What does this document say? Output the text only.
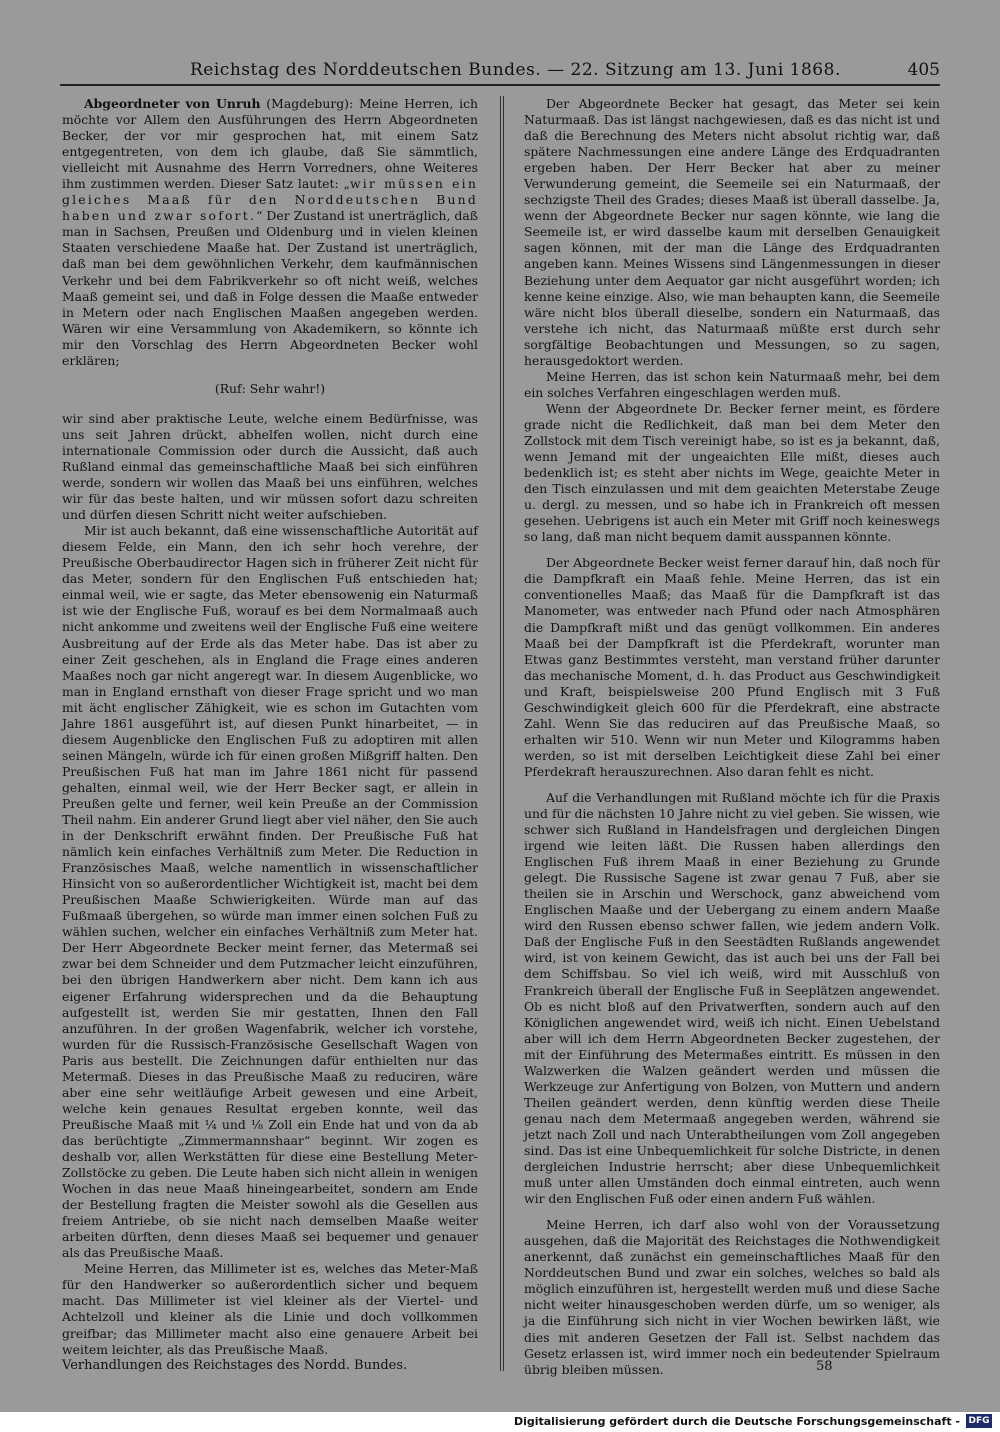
Reichstag des Norddeutschen Bundes. — 22. Sitzung am 13. Juni 1868.	405

Abgeordneter von Unruh (Magdeburg): Meine Herren, ich möchte vor Allem den Ausführungen des Herrn Abgeordneten Becker, der vor mir gesprochen hat, mit einem Satz entgegentreten, von dem ich glaube, daß Sie sämmtlich, vielleicht mit Ausnahme des Herrn Vorredners, ohne Weiteres ihm zustimmen werden. Dieser Satz lautet: „wir müssen ein gleiches Maaß für den Norddeutschen Bund haben und zwar sofort.“ Der Zustand ist unerträglich, daß man in Sachsen, Preußen und Oldenburg und in vielen kleinen Staaten verschiedene Maaße hat. Der Zustand ist unerträglich, daß man bei dem gewöhnlichen Verkehr, dem kaufmännischen Verkehr und bei dem Fabrikverkehr so oft nicht weiß, welches Maaß gemeint sei, und daß in Folge dessen die Maaße entweder in Metern oder nach Englischen Maaßen angegeben werden. Wären wir eine Versammlung von Akademikern, so könnte ich mir den Vorschlag des Herrn Abgeordneten Becker wohl erklären;

(Ruf: Sehr wahr!)

wir sind aber praktische Leute, welche einem Bedürfnisse, was uns seit Jahren drückt, abhelfen wollen, nicht durch eine internationale Commission oder durch die Aussicht, daß auch Rußland einmal das gemeinschaftliche Maaß bei sich einführen werde, sondern wir wollen das Maaß bei uns einführen, welches wir für das beste halten, und wir müssen sofort dazu schreiten und dürfen diesen Schritt nicht weiter aufschieben.

Mir ist auch bekannt, daß eine wissenschaftliche Autorität auf diesem Felde, ein Mann, den ich sehr hoch verehre, der Preußische Oberbaudirector Hagen sich in früherer Zeit nicht für das Meter, sondern für den Englischen Fuß entschieden hat; einmal weil, wie er sagte, das Meter ebensowenig ein Naturmaß ist wie der Englische Fuß, worauf es bei dem Normalmaaß auch nicht ankomme und zweitens weil der Englische Fuß eine weitere Ausbreitung auf der Erde als das Meter habe. Das ist aber zu einer Zeit geschehen, als in England die Frage eines anderen Maaßes noch gar nicht angeregt war. In diesem Augenblicke, wo man in England ernsthaft von dieser Frage spricht und wo man mit ächt englischer Zähigkeit, wie es schon im Gutachten vom Jahre 1861 ausgeführt ist, auf diesen Punkt hinarbeitet, — in diesem Augenblicke den Englischen Fuß zu adoptiren mit allen seinen Mängeln, würde ich für einen großen Mißgriff halten. Den Preußischen Fuß hat man im Jahre 1861 nicht für passend gehalten, einmal weil, wie der Herr Becker sagt, er allein in Preußen gelte und ferner, weil kein Preuße an der Commission Theil nahm. Ein anderer Grund liegt aber viel näher, den Sie auch in der Denkschrift erwähnt finden. Der Preußische Fuß hat nämlich kein einfaches Verhältniß zum Meter. Die Reduction in Französisches Maaß, welche namentlich in wissenschaftlicher Hinsicht von so außerordentlicher Wichtigkeit ist, macht bei dem Preußischen Maaße Schwierigkeiten. Würde man auf das Fußmaaß übergehen, so würde man immer einen solchen Fuß zu wählen suchen, welcher ein einfaches Verhältniß zum Meter hat. Der Herr Abgeordnete Becker meint ferner, das Metermaß sei zwar bei dem Schneider und dem Putzmacher leicht einzuführen, bei den übrigen Handwerkern aber nicht. Dem kann ich aus eigener Erfahrung widersprechen und da die Behauptung aufgestellt ist, werden Sie mir gestatten, Ihnen den Fall anzuführen. In der großen Wagenfabrik, welcher ich vorstehe, wurden für die Russisch-Französische Gesellschaft Wagen von Paris aus bestellt. Die Zeichnungen dafür enthielten nur das Metermaß. Dieses in das Preußische Maaß zu reduciren, wäre aber eine sehr weitläufige Arbeit gewesen und eine Arbeit, welche kein genaues Resultat ergeben konnte, weil das Preußische Maaß mit ¼ und ⅛ Zoll ein Ende hat und von da ab das berüchtigte „Zimmermannshaar“ beginnt. Wir zogen es deshalb vor, allen Werkstätten für diese eine Bestellung Meter-Zollstöcke zu geben. Die Leute haben sich nicht allein in wenigen Wochen in das neue Maaß hineingearbeitet, sondern am Ende der Bestellung fragten die Meister sowohl als die Gesellen aus freiem Antriebe, ob sie nicht nach demselben Maaße weiter arbeiten dürften, denn dieses Maaß sei bequemer und genauer als das Preußische Maaß.

Meine Herren, das Millimeter ist es, welches das Meter-Maß für den Handwerker so außerordentlich sicher und bequem macht. Das Millimeter ist viel kleiner als der Viertel- und Achtelzoll und kleiner als die Linie und doch vollkommen greifbar; das Millimeter macht also eine genauere Arbeit bei weitem leichter, als das Preußische Maaß.

Der Abgeordnete Becker hat gesagt, das Meter sei kein Naturmaaß. Das ist längst nachgewiesen, daß es das nicht ist und daß die Berechnung des Meters nicht absolut richtig war, daß spätere Nachmessungen eine andere Länge des Erdquadranten ergeben haben. Der Herr Becker hat aber zu meiner Verwunderung gemeint, die Seemeile sei ein Naturmaaß, der sechzigste Theil des Grades; dieses Maaß ist überall dasselbe. Ja, wenn der Abgeordnete Becker nur sagen könnte, wie lang die Seemeile ist, er wird dasselbe kaum mit derselben Genauigkeit sagen können, mit der man die Länge des Erdquadranten angeben kann. Meines Wissens sind Längenmessungen in dieser Beziehung unter dem Aequator gar nicht ausgeführt worden; ich kenne keine einzige. Also, wie man behaupten kann, die Seemeile wäre nicht blos überall dieselbe, sondern ein Naturmaaß, das verstehe ich nicht, das Naturmaaß müßte erst durch sehr sorgfältige Beobachtungen und Messungen, so zu sagen, herausgedoktort werden.

Meine Herren, das ist schon kein Naturmaaß mehr, bei dem ein solches Verfahren eingeschlagen werden muß.

Wenn der Abgeordnete Dr. Becker ferner meint, es fördere grade nicht die Redlichkeit, daß man bei dem Meter den Zollstock mit dem Tisch vereinigt habe, so ist es ja bekannt, daß, wenn Jemand mit der ungeaichten Elle mißt, dieses auch bedenklich ist; es steht aber nichts im Wege, geaichte Meter in den Tisch einzulassen und mit dem geaichten Meterstabe Zeuge u. dergl. zu messen, und so habe ich in Frankreich oft messen gesehen. Uebrigens ist auch ein Meter mit Griff noch keineswegs so lang, daß man nicht bequem damit ausspannen könnte.

Der Abgeordnete Becker weist ferner darauf hin, daß noch für die Dampfkraft ein Maaß fehle. Meine Herren, das ist ein conventionelles Maaß; das Maaß für die Dampfkraft ist das Manometer, was entweder nach Pfund oder nach Atmosphären die Dampfkraft mißt und das genügt vollkommen. Ein anderes Maaß bei der Dampfkraft ist die Pferdekraft, worunter man Etwas ganz Bestimmtes versteht, man verstand früher darunter das mechanische Moment, d. h. das Product aus Geschwindigkeit und Kraft, beispielsweise 200 Pfund Englisch mit 3 Fuß Geschwindigkeit gleich 600 für die Pferdekraft, eine abstracte Zahl. Wenn Sie das reduciren auf das Preußische Maaß, so erhalten wir 510. Wenn wir nun Meter und Kilogramms haben werden, so ist mit derselben Leichtigkeit diese Zahl bei einer Pferdekraft herauszurechnen. Also daran fehlt es nicht.

Auf die Verhandlungen mit Rußland möchte ich für die Praxis und für die nächsten 10 Jahre nicht zu viel geben. Sie wissen, wie schwer sich Rußland in Handelsfragen und dergleichen Dingen irgend wie leiten läßt. Die Russen haben allerdings den Englischen Fuß ihrem Maaß in einer Beziehung zu Grunde gelegt. Die Russische Sagene ist zwar genau 7 Fuß, aber sie theilen sie in Arschin und Werschock, ganz abweichend vom Englischen Maaße und der Uebergang zu einem andern Maaße wird den Russen ebenso schwer fallen, wie jedem andern Volk. Daß der Englische Fuß in den Seestädten Rußlands angewendet wird, ist von keinem Gewicht, das ist auch bei uns der Fall bei dem Schiffsbau. So viel ich weiß, wird mit Ausschluß von Frankreich überall der Englische Fuß in Seeplätzen angewendet. Ob es nicht bloß auf den Privatwerften, sondern auch auf den Königlichen angewendet wird, weiß ich nicht. Einen Uebelstand aber will ich dem Herrn Abgeordneten Becker zugestehen, der mit der Einführung des Metermaßes eintritt. Es müssen in den Walzwerken die Walzen geändert werden und müssen die Werkzeuge zur Anfertigung von Bolzen, von Muttern und andern Theilen geändert werden, denn künftig werden diese Theile genau nach dem Metermaaß angegeben werden, während sie jetzt nach Zoll und nach Unterabtheilungen vom Zoll angegeben sind. Das ist eine Unbequemlichkeit für solche Districte, in denen dergleichen Industrie herrscht; aber diese Unbequemlichkeit muß unter allen Umständen doch einmal eintreten, auch wenn wir den Englischen Fuß oder einen andern Fuß wählen.

Meine Herren, ich darf also wohl von der Voraussetzung ausgehen, daß die Majorität des Reichstages die Nothwendigkeit anerkennt, daß zunächst ein gemeinschaftliches Maaß für den Norddeutschen Bund und zwar ein solches, welches so bald als möglich einzuführen ist, hergestellt werden muß und diese Sache nicht weiter hinausgeschoben werden dürfe, um so weniger, als ja die Einführung sich nicht in vier Wochen bewirken läßt, wie dies mit anderen Gesetzen der Fall ist. Selbst nachdem das Gesetz erlassen ist, wird immer noch ein bedeutender Spielraum übrig bleiben müssen.

Verhandlungen des Reichstages des Nordd. Bundes.	58
Digitalisierung gefördert durch die Deutsche Forschungsgemeinschaft - DFG
